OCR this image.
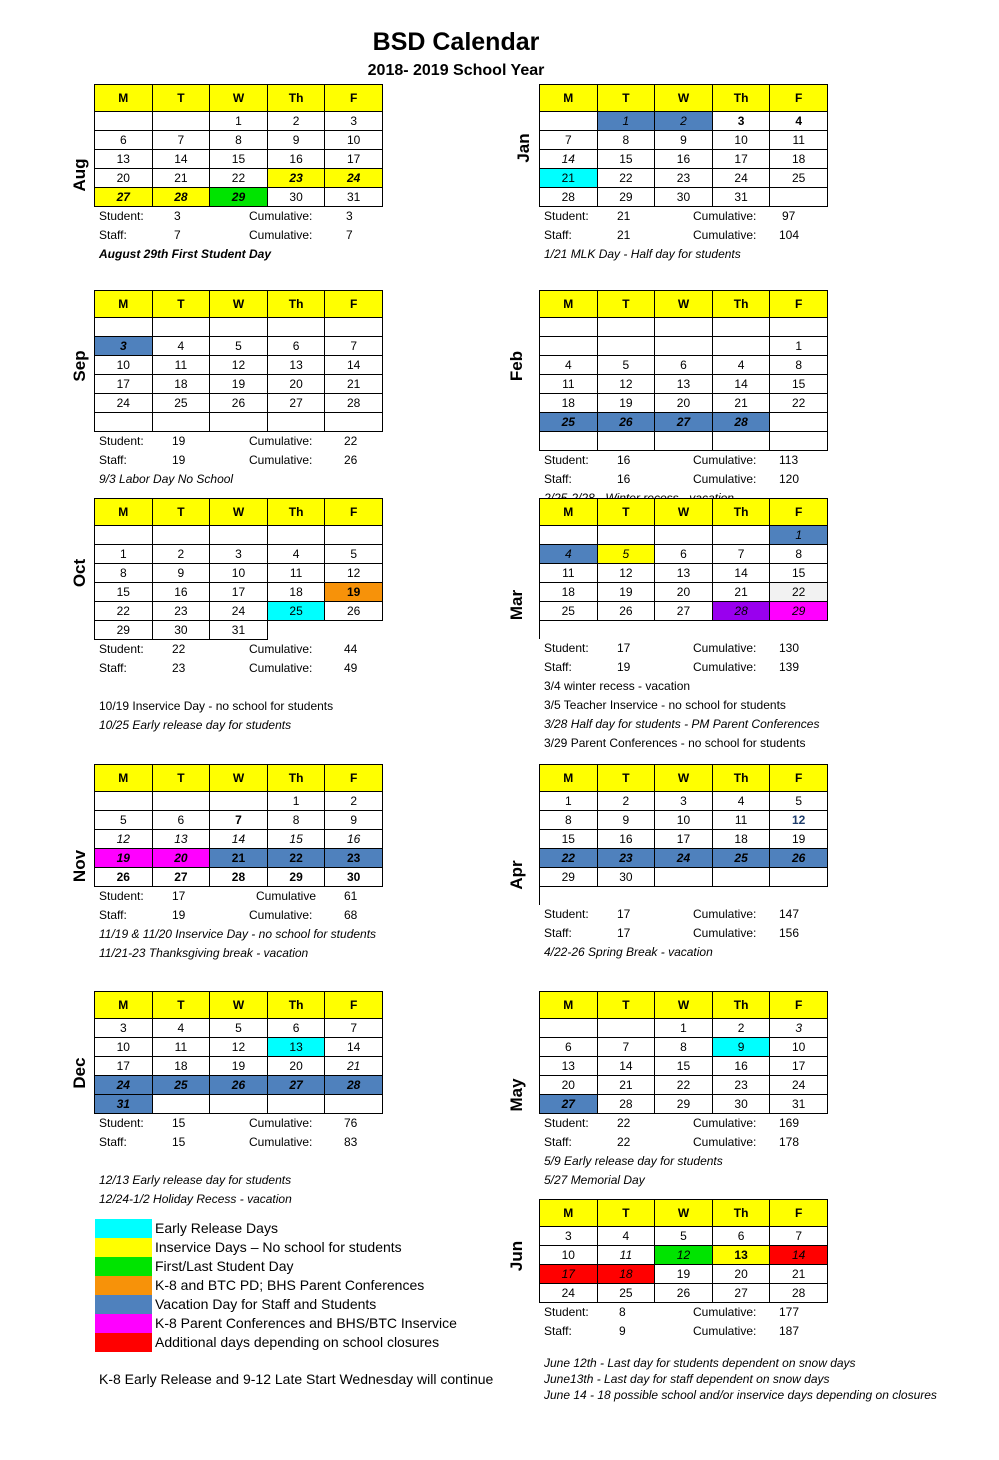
BSD Calendar
2018- 2019 School Year
M	T	W	Th	F
		1	2	3
6	7	8	9	10
13	14	15	16	17
20	21	22	23	24
27	28	29	30	31
Student:	3	Cumulative:	3
Staff:	7	Cumulative:	7
August 29th First Student Day
Aug
M	T	W	Th	F
	1	2	3	4
7	8	9	10	11
14	15	16	17	18
21	22	23	24	25
28	29	30	31	
Student: 21	Cumulative: 97
Staff:	21	Cumulative: 104
1/21 MLK Day - Half day for students
Jan
M	T	W	Th	F

3	4	5	6	7
10	11	12	13	14
17	18	19	20	21
24	25	26	27	28

Student: 19	Cumulative:	22
Staff:	19	Cumulative:	26
9/3 Labor Day No School
Sep
M	T	W	Th	F

				1
4	5	6	4	8
11	12	13	14	15
18	19	20	21	22
25	26	27	28	

Student: 16	Cumulative: 113
Staff:	16	Cumulative: 120
Feb
M	T	W	Th	F

1	2	3	4	5
8	9	10	11	12
15	16	17	18	19
22	23	24	25	26
29	30	31		
Student: 22	Cumulative:	44
Staff:	23	Cumulative:	49
10/19 Inservice Day - no school for students
10/25 Early release day for students
Oct
M	T	W	Th	F
				1
4	5	6	7	8
11	12	13	14	15
18	19	20	21	22
25	26	27	28	29

Student: 17	Cumulative: 130
Staff:	19	Cumulative: 139
3/4 winter recess - vacation
3/5 Teacher Inservice - no school for students
3/28 Half day for students - PM Parent Conferences
3/29 Parent Conferences - no school for students
Mar
M	T	W	Th	F
			1	2
5	6	7	8	9
12	13	14	15	16
19	20	21	22	23
26	27	28	29	30
Student: 17	Cumulative 61
Staff:	19	Cumulative:	68
11/19 & 11/20 Inservice Day - no school for students
11/21-23 Thanksgiving break - vacation
Nov
M	T	W	Th	F
1	2	3	4	5
8	9	10	11	12
15	16	17	18	19
22	23	24	25	26
29	30			

Student: 17	Cumulative: 147
Staff:	17	Cumulative: 156
4/22-26 Spring Break - vacation
Apr
M	T	W	Th	F
3	4	5	6	7
10	11	12	13	14
17	18	19	20	21
24	25	26	27	28
31				
Student: 15	Cumulative:	76
Staff:	15	Cumulative:	83
12/13 Early release day for students
12/24-1/2 Holiday Recess - vacation
Dec
M	T	W	Th	F
		1	2	3
6	7	8	9	10
13	14	15	16	17
20	21	22	23	24
27	28	29	30	31
Student: 22	Cumulative: 169
Staff:	22	Cumulative: 178
5/9 Early release day for students
5/27 Memorial Day
May
M	T	W	Th	F
3	4	5	6	7
10	11	12	13	14
17	18	19	20	21
24	25	26	27	28
Student:	8	Cumulative: 177
Staff:	9	Cumulative: 187
Jun
June 12th - Last day for students dependent on snow days
June13th - Last day for staff dependent on snow days
June 14 - 18 possible school and/or inservice days depending on closures
Early Release Days
Inservice Days – No school for students
First/Last Student Day
K-8 and BTC PD; BHS Parent Conferences
Vacation Day for Staff and Students
K-8 Parent Conferences and BHS/BTC Inservice
Additional days depending on school closures
K-8 Early Release and 9-12 Late Start Wednesday will continue
